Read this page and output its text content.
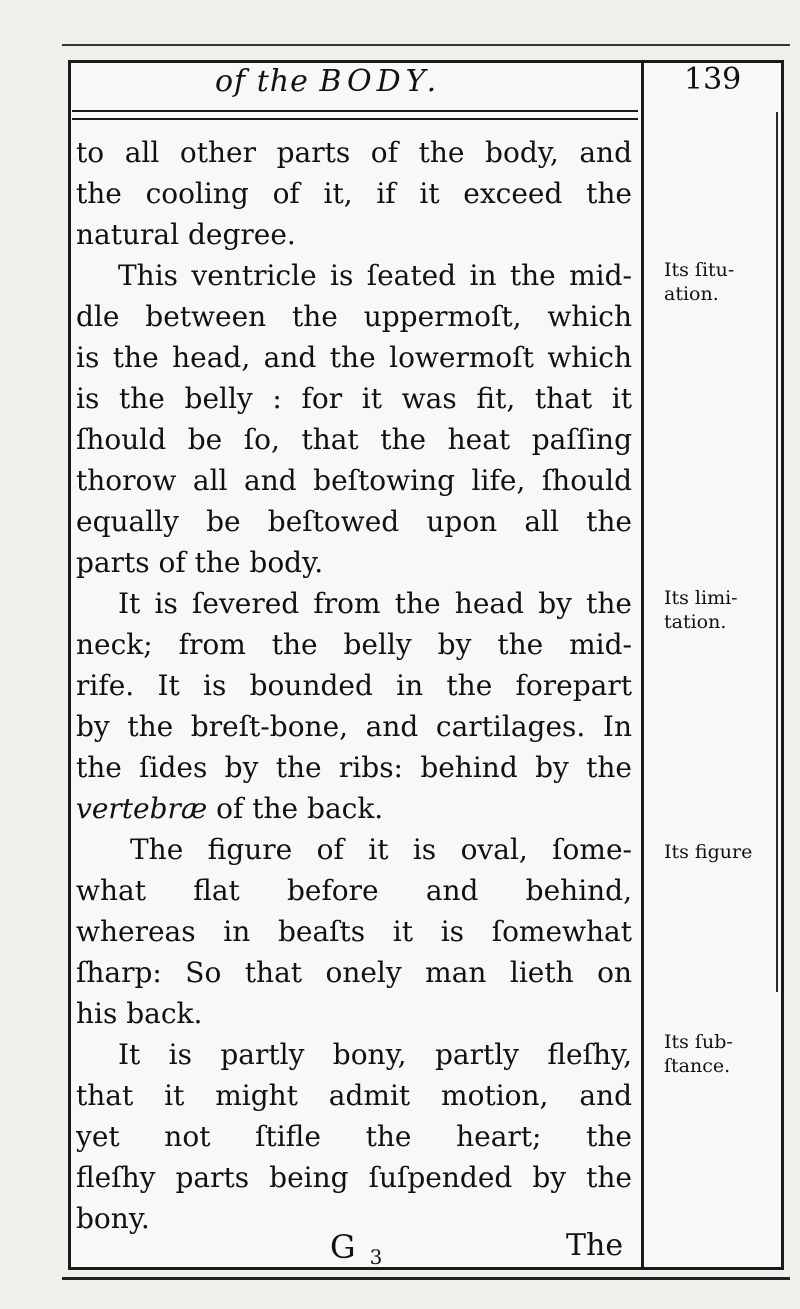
of the BODY.	139
to all other parts of the body, and
the cooling of it, if it exceed the
natural degree.
This ventricle is ſeated in the mid-
dle between the uppermoſt, which
is the head, and the lowermoſt which
is the belly : for it was fit, that it
ſhould be ſo, that the heat paſſing
thorow all and beſtowing life, ſhould
equally be beſtowed upon all the
parts of the body.
It is ſevered from the head by the
neck; from the belly by the mid-
rife. It is bounded in the forepart
by the breſt-bone, and cartilages. In
the ſides by the ribs: behind by the
vertebræ of the back.
The figure of it is oval, ſome-
what flat before and behind,
whereas in beaſts it is ſomewhat
ſharp: So that onely man lieth on
his back.
It is partly bony, partly fleſhy,
that it might admit motion, and
yet not ſtifle the heart; the
fleſhy parts being ſuſpended by the
bony.
Its ſitu-
ation.
Its limi-
tation.
Its figure
Its ſub-
ſtance.
G 3	The
